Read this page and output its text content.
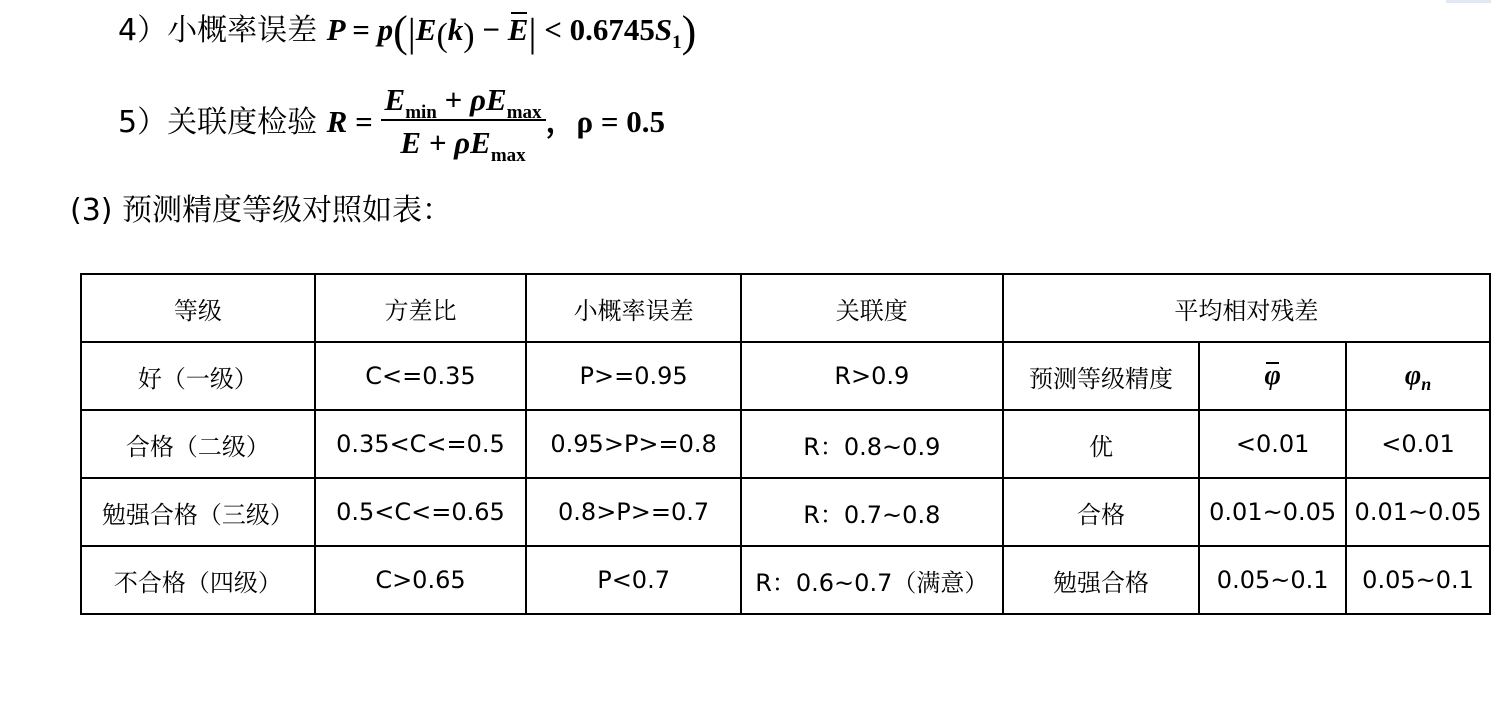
4）小概率误差 $P = p(|E(k) - E| < 0.6745S_1)$
5）关联度检验 $R = \frac{E_{min} + \rho E_{max}}{E + \rho E_{max}}$ ，ρ = 0.5
(3) 预测精度等级对照如表：
等级	方差比	小概率误差	关联度	平均相对残差		
好（一级）	C<=0.35	P>=0.95	R>0.9	预测等级精度	φ	$\varphi_n$
合格（二级）	0.35<C<=0.5	0.95>P>=0.8	R：0.8~0.9	优	<0.01	<0.01
勉强合格（三级）	0.5<C<=0.65	0.8>P>=0.7	R：0.7~0.8	合格	0.01~0.05	0.01~0.05
不合格（四级）	C>0.65	P<0.7	R：0.6~0.7（满意）	勉强合格	0.05~0.1	0.05~0.1
